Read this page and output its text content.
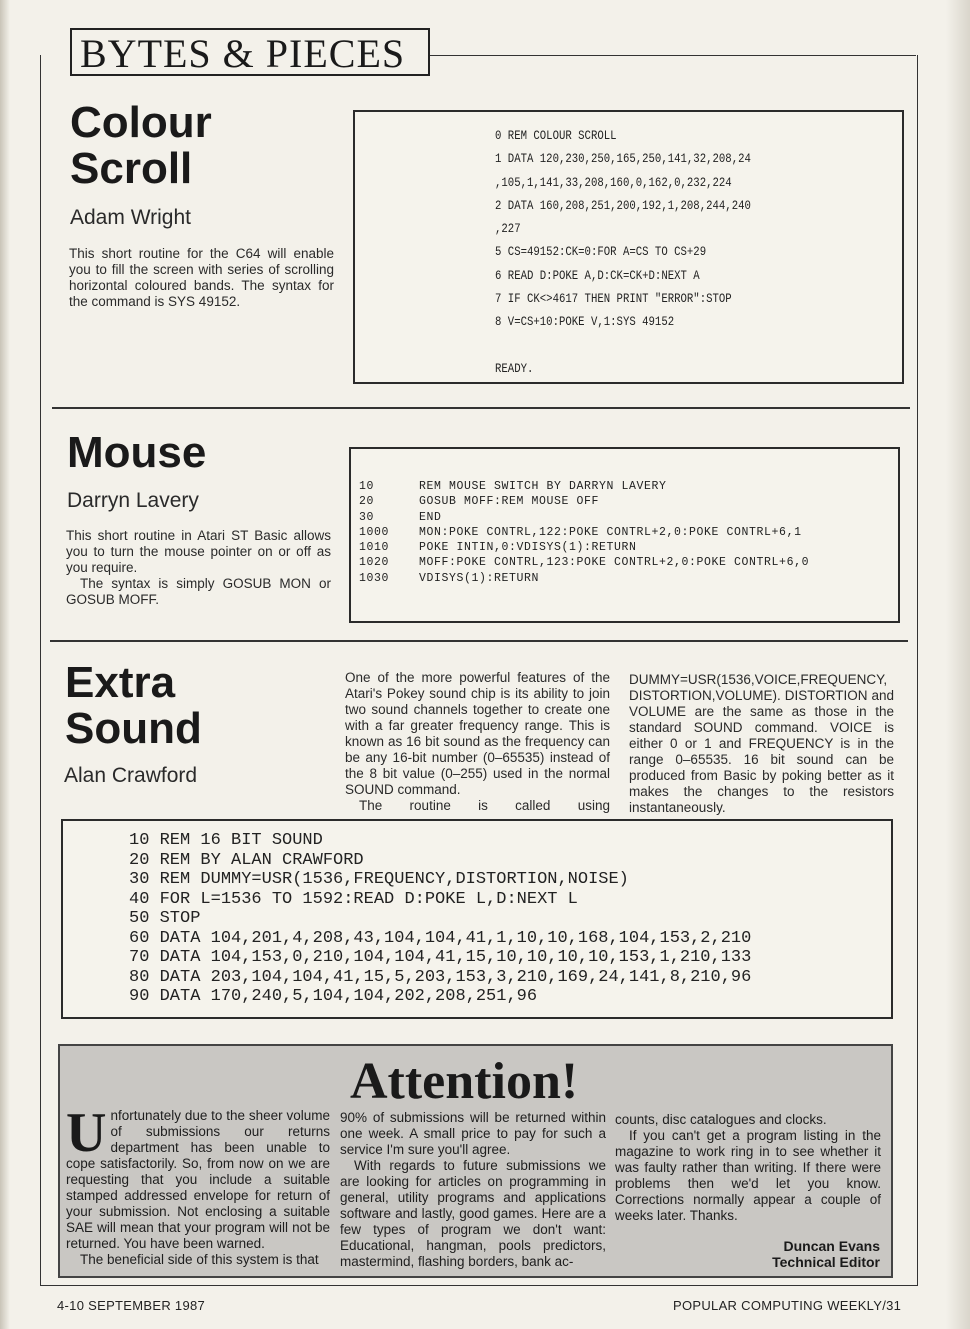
BYTES & PIECES
Colour
Scroll
Adam Wright
This short routine for the C64 will enable you to fill the screen with series of scrolling horizontal coloured bands. The syntax for the command is SYS 49152.
0 REM COLOUR SCROLL
1 DATA 120,230,250,165,250,141,32,208,24
,105,1,141,33,208,160,0,162,0,232,224
2 DATA 160,208,251,200,192,1,208,244,240
,227
5 CS=49152:CK=0:FOR A=CS TO CS+29
6 READ D:POKE A,D:CK=CK+D:NEXT A
7 IF CK<>4617 THEN PRINT "ERROR":STOP
8 V=CS+10:POKE V,1:SYS 49152

READY.
Mouse
Darryn Lavery
This short routine in Atari ST Basic allows you to turn the mouse pointer on or off as you require.
The syntax is simply GOSUB MON or GOSUB MOFF.
10      REM MOUSE SWITCH BY DARRYN LAVERY
20      GOSUB MOFF:REM MOUSE OFF
30      END
1000    MON:POKE CONTRL,122:POKE CONTRL+2,0:POKE CONTRL+6,1
1010    POKE INTIN,0:VDISYS(1):RETURN
1020    MOFF:POKE CONTRL,123:POKE CONTRL+2,0:POKE CONTRL+6,0
1030    VDISYS(1):RETURN
Extra
Sound
Alan Crawford
One of the more powerful features of the Atari's Pokey sound chip is its ability to join two sound channels together to create one with a far greater frequency range. This is known as 16 bit sound as the frequency can be any 16-bit number (0–65535) instead of the 8 bit value (0–255) used in the normal SOUND command.
The routine is called using
DUMMY=USR(1536,VOICE,FREQUENCY, DISTORTION,VOLUME). DISTORTION and VOLUME are the same as those in the standard SOUND command. VOICE is either 0 or 1 and FREQUENCY is in the range 0–65535. 16 bit sound can be produced from Basic by poking better as it makes the changes to the resistors instantaneously.
10 REM 16 BIT SOUND
20 REM BY ALAN CRAWFORD
30 REM DUMMY=USR(1536,FREQUENCY,DISTORTION,NOISE)
40 FOR L=1536 TO 1592:READ D:POKE L,D:NEXT L
50 STOP
60 DATA 104,201,4,208,43,104,104,41,1,10,10,168,104,153,2,210
70 DATA 104,153,0,210,104,104,41,15,10,10,10,10,153,1,210,133
80 DATA 203,104,104,41,15,5,203,153,3,210,169,24,141,8,210,96
90 DATA 170,240,5,104,104,202,208,251,96
Attention!
U nfortunately due to the sheer volume of submissions our returns department has been unable to cope satisfactorily. So, from now on we are requesting that you include a suitable stamped addressed envelope for return of your submission. Not enclosing a suitable SAE will mean that your program will not be returned. You have been warned.
The beneficial side of this system is that
90% of submissions will be returned within one week. A small price to pay for such a service I'm sure you'll agree.
With regards to future submissions we are looking for articles on programming in general, utility programs and applications software and lastly, good games. Here are a few types of program we don't want: Educational, hangman, pools predictors, mastermind, flashing borders, bank ac-
counts, disc catalogues and clocks.
If you can't get a program listing in the magazine to work ring in to see whether it was faulty rather than writing. If there were problems then we'd let you know. Corrections normally appear a couple of weeks later. Thanks.
Duncan Evans
Technical Editor
4-10 SEPTEMBER 1987	POPULAR COMPUTING WEEKLY/31
